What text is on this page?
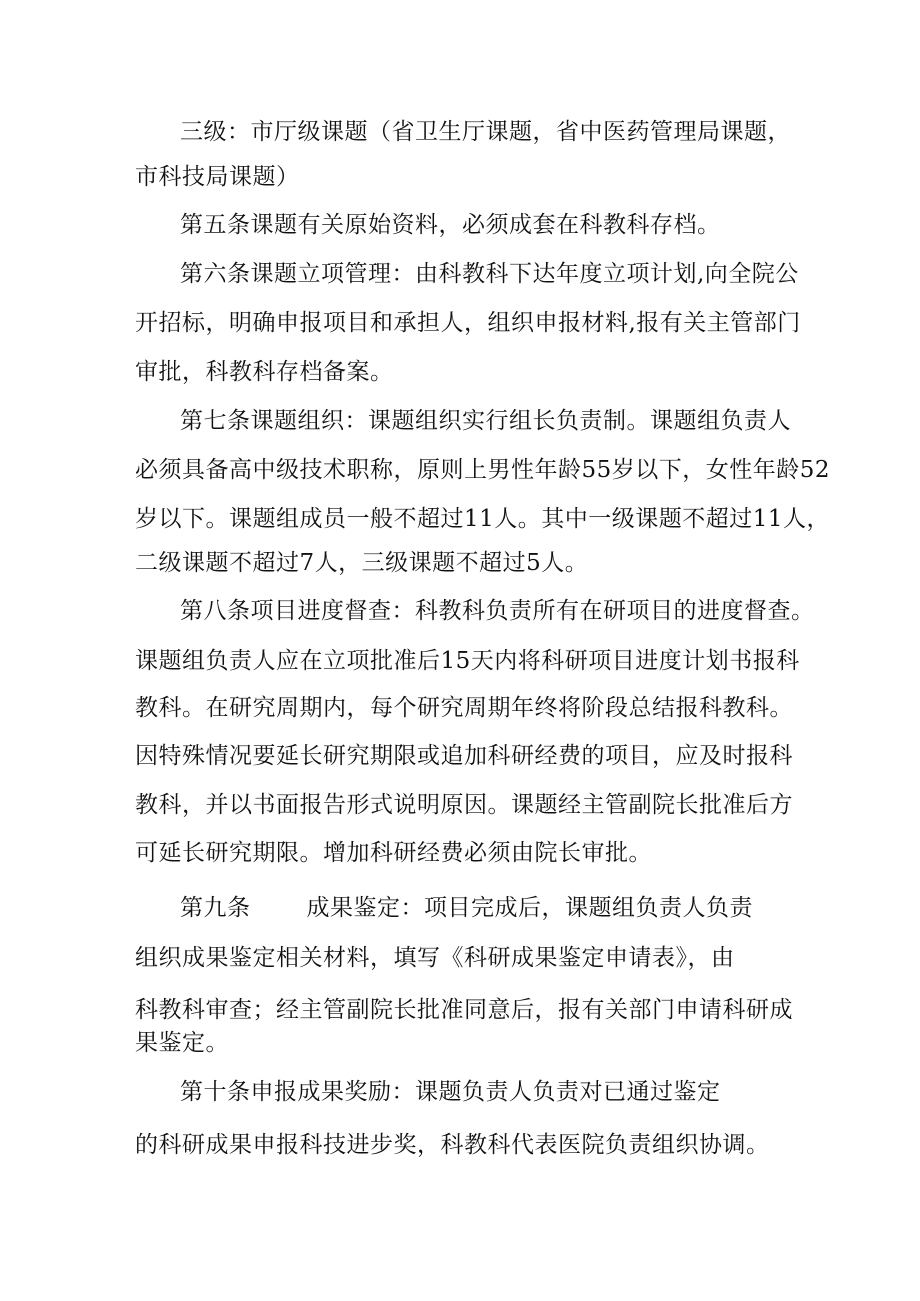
三级：市厅级课题（省卫生厅课题，省中医药管理局课题，
市科技局课题）
第五条课题有关原始资料，必须成套在科教科存档。
第六条课题立项管理：由科教科下达年度立项计划,向全院公
开招标，明确申报项目和承担人，组织申报材料,报有关主管部门
审批，科教科存档备案。
第七条课题组织：课题组织实行组长负责制。课题组负责人
必须具备高中级技术职称，原则上男性年龄55岁以下，女性年龄52
岁以下。课题组成员一般不超过11人。其中一级课题不超过11人，
二级课题不超过7人，三级课题不超过5人。
第八条项目进度督查：科教科负责所有在研项目的进度督查。
课题组负责人应在立项批准后15天内将科研项目进度计划书报科
教科。在研究周期内，每个研究周期年终将阶段总结报科教科。
因特殊情况要延长研究期限或追加科研经费的项目，应及时报科
教科，并以书面报告形式说明原因。课题经主管副院长批准后方
可延长研究期限。增加科研经费必须由院长审批。
第九条 成果鉴定：项目完成后，课题组负责人负责
组织成果鉴定相关材料，填写《科研成果鉴定申请表》，由
科教科审查；经主管副院长批准同意后，报有关部门申请科研成
果鉴定。
第十条申报成果奖励：课题负责人负责对已通过鉴定
的科研成果申报科技进步奖，科教科代表医院负责组织协调。
